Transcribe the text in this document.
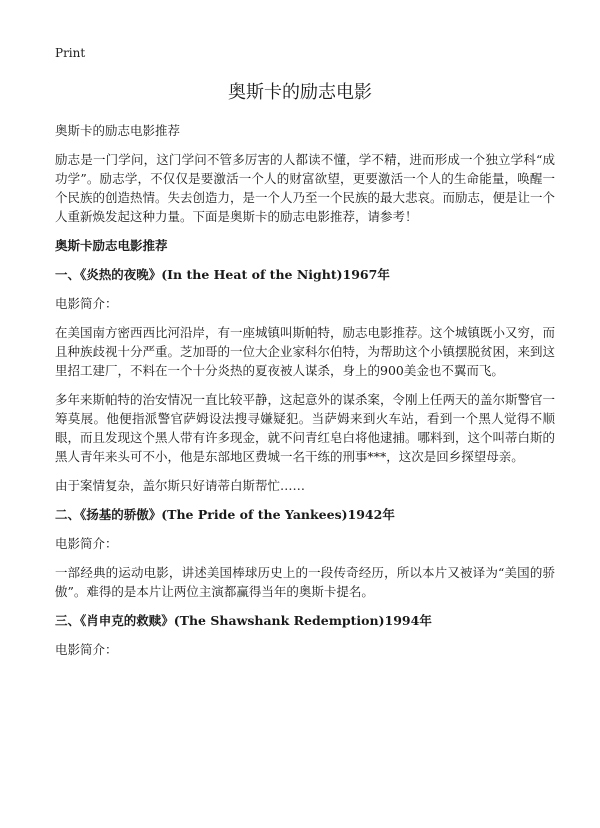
Print
奥斯卡的励志电影

奥斯卡的励志电影推荐

励志是一门学问，这门学问不管多厉害的人都读不懂，学不精，进而形成一个独立学科“成功学”。励志学，不仅仅是要激活一个人的财富欲望，更要激活一个人的生命能量，唤醒一个民族的创造热情。失去创造力，是一个人乃至一个民族的最大悲哀。而励志，便是让一个人重新焕发起这种力量。下面是奥斯卡的励志电影推荐，请参考！

奥斯卡励志电影推荐

一、《炎热的夜晚》(In the Heat of the Night)1967年

电影简介：

在美国南方密西西比河沿岸，有一座城镇叫斯帕特，励志电影推荐。这个城镇既小又穷，而且种族歧视十分严重。芝加哥的一位大企业家科尔伯特，为帮助这个小镇摆脱贫困，来到这里招工建厂，不料在一个十分炎热的夏夜被人谋杀，身上的900美金也不翼而飞。

多年来斯帕特的治安情况一直比较平静，这起意外的谋杀案，令刚上任两天的盖尔斯警官一筹莫展。他便指派警官萨姆设法搜寻嫌疑犯。当萨姆来到火车站，看到一个黑人觉得不顺眼，而且发现这个黑人带有许多现金，就不问青红皂白将他逮捕。哪料到，这个叫蒂白斯的黑人青年来头可不小，他是东部地区费城一名干练的刑事***，这次是回乡探望母亲。

由于案情复杂，盖尔斯只好请蒂白斯帮忙……

二、《扬基的骄傲》(The Pride of the Yankees)1942年

电影简介：

一部经典的运动电影，讲述美国棒球历史上的一段传奇经历，所以本片又被译为“美国的骄傲”。难得的是本片让两位主演都赢得当年的奥斯卡提名。

三、《肖申克的救赎》(The Shawshank Redemption)1994年

电影简介：
